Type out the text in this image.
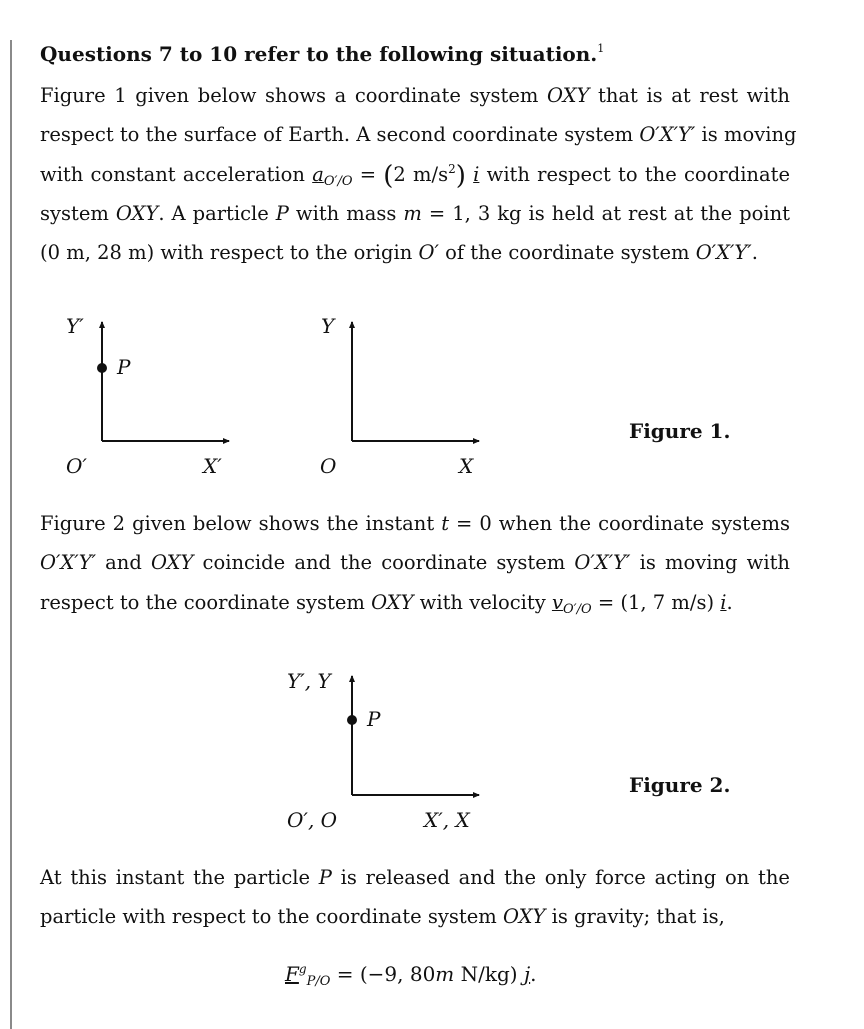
Questions 7 to 10 refer to the following situation.$^1$
Figure 1 given below shows a coordinate system OXY that is at rest with
respect to the surface of Earth. A second coordinate system O′X′Y′ is moving
with constant acceleration $a_{O'/O} = (2$ $m/s^2$) i with respect to the coordinate
system OXY. A particle P with mass m = 1, 3 kg is held at rest at the point
(0 m, 28 m) with respect to the origin O′ of the coordinate system O′X′Y′.
Y′
X′
O′
P
Y
X
O
Figure 1.
Figure 2 given below shows the instant t = 0 when the coordinate systems
O′X′Y′ and OXY coincide and the coordinate system O′X′Y′ is moving with
respect to the coordinate system OXY with velocity $v_{O'/O} = (1$, 7 m/s) i.
Y′, Y
X′, X
O′, O
P
Figure 2.
At this instant the particle P is released and the only force acting on the
particle with respect to the coordinate system OXY is gravity; that is,
$F^g_{P/O} = (-9$, 80m N/kg) j.
